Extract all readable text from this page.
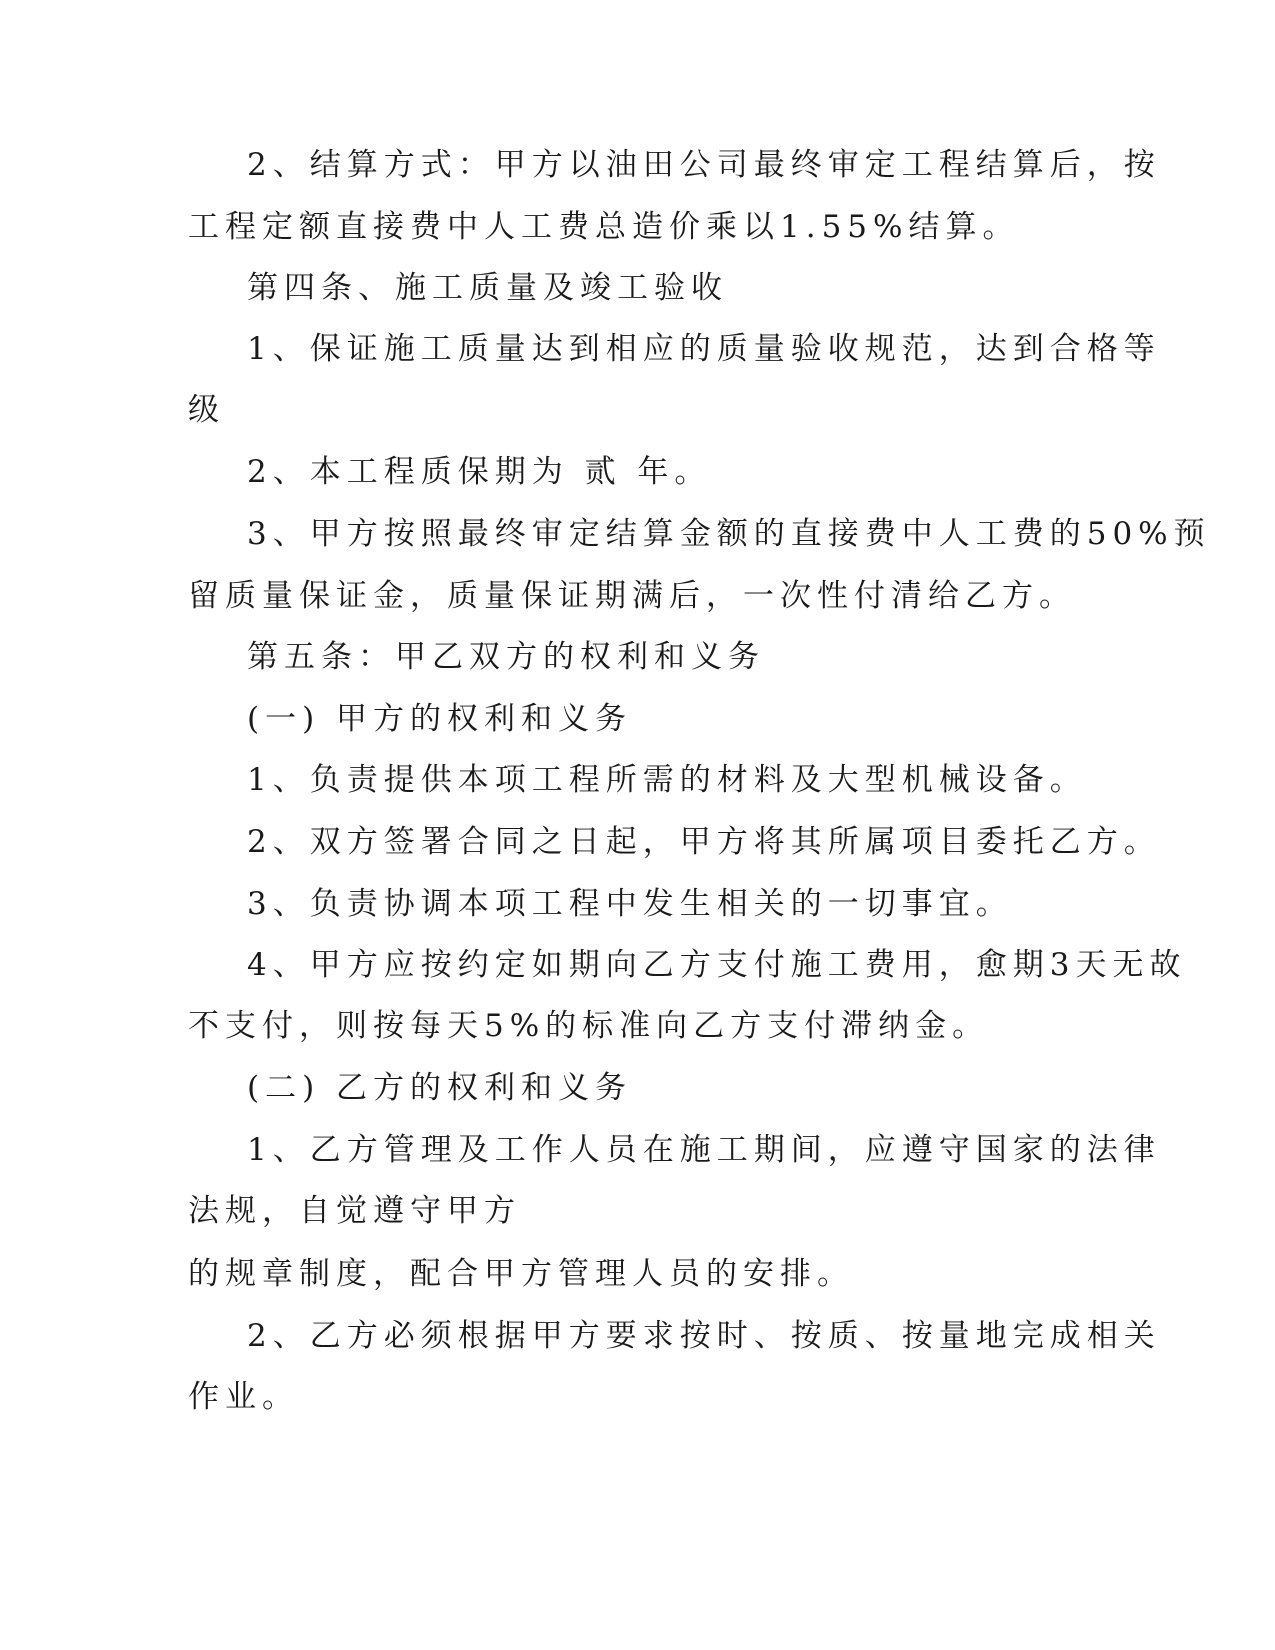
2、结算方式：甲方以油田公司最终审定工程结算后，按

工程定额直接费中人工费总造价乘以1.55%结算。

第四条、施工质量及竣工验收

1、保证施工质量达到相应的质量验收规范，达到合格等

级

2、本工程质保期为 贰 年。

3、甲方按照最终审定结算金额的直接费中人工费的50%预

留质量保证金，质量保证期满后，一次性付清给乙方。

第五条：甲乙双方的权利和义务

(一) 甲方的权利和义务

1、负责提供本项工程所需的材料及大型机械设备。

2、双方签署合同之日起，甲方将其所属项目委托乙方。

3、负责协调本项工程中发生相关的一切事宜。

4、甲方应按约定如期向乙方支付施工费用，愈期3天无故

不支付，则按每天5%的标准向乙方支付滞纳金。

(二) 乙方的权利和义务

1、乙方管理及工作人员在施工期间，应遵守国家的法律

法规，自觉遵守甲方

的规章制度，配合甲方管理人员的安排。

2、乙方必须根据甲方要求按时、按质、按量地完成相关

作业。
